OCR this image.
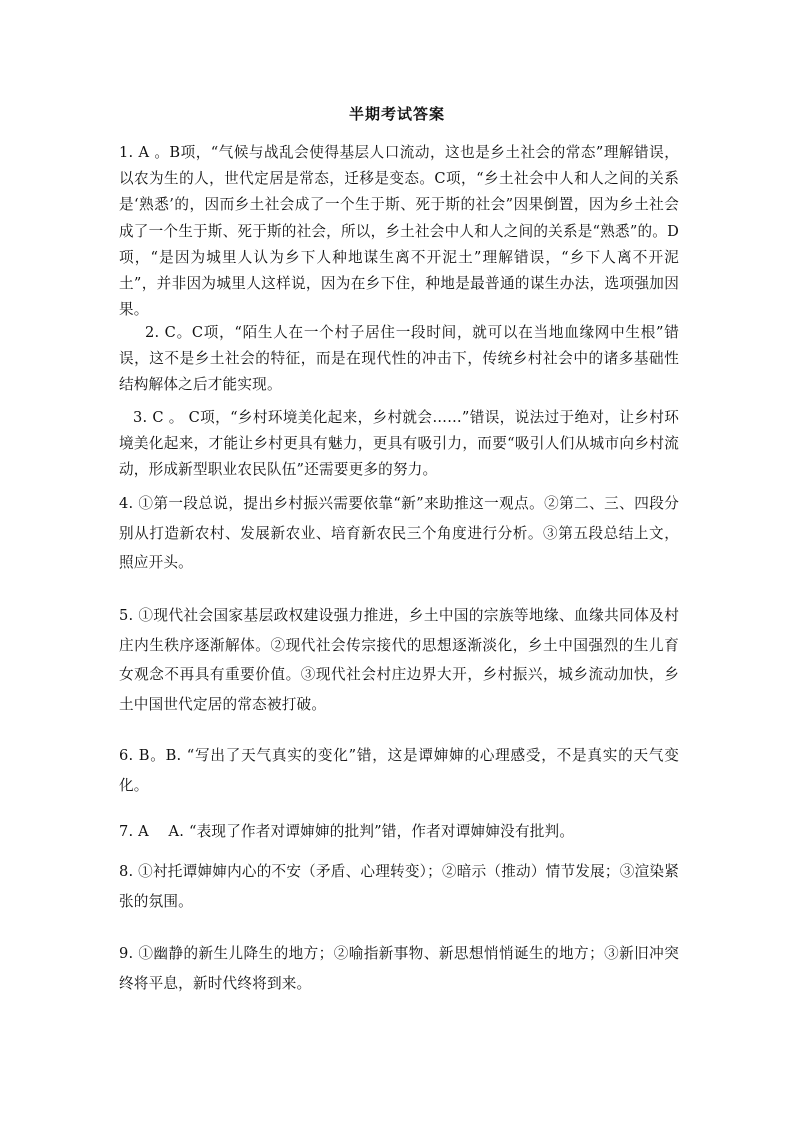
半期考试答案

1. A 。B项，“气候与战乱会使得基层人口流动，这也是乡土社会的常态”理解错误，以农为生的人，世代定居是常态，迁移是变态。C项，“乡土社会中人和人之间的关系是‘熟悉’的，因而乡土社会成了一个生于斯、死于斯的社会”因果倒置，因为乡土社会成了一个生于斯、死于斯的社会，所以，乡土社会中人和人之间的关系是“熟悉”的。D项，“是因为城里人认为乡下人种地谋生离不开泥土”理解错误，“乡下人离不开泥土”，并非因为城里人这样说，因为在乡下住，种地是最普通的谋生办法，选项强加因果。

2. C。C项，“陌生人在一个村子居住一段时间，就可以在当地血缘网中生根”错误，这不是乡土社会的特征，而是在现代性的冲击下，传统乡村社会中的诸多基础性结构解体之后才能实现。

3. C 。 C项，“乡村环境美化起来，乡村就会……”错误，说法过于绝对，让乡村环境美化起来，才能让乡村更具有魅力，更具有吸引力，而要“吸引人们从城市向乡村流动，形成新型职业农民队伍”还需要更多的努力。

4. ①第一段总说，提出乡村振兴需要依靠“新”来助推这一观点。②第二、三、四段分别从打造新农村、发展新农业、培育新农民三个角度进行分析。③第五段总结上文，照应开头。

5. ①现代社会国家基层政权建设强力推进，乡土中国的宗族等地缘、血缘共同体及村庄内生秩序逐渐解体。②现代社会传宗接代的思想逐渐淡化，乡土中国强烈的生儿育女观念不再具有重要价值。③现代社会村庄边界大开，乡村振兴，城乡流动加快，乡土中国世代定居的常态被打破。

6. B。B. “写出了天气真实的变化”错，这是谭婶婶的心理感受，不是真实的天气变化。

7. A　 A. “表现了作者对谭婶婶的批判”错，作者对谭婶婶没有批判。

8. ①衬托谭婶婶内心的不安（矛盾、心理转变）；②暗示（推动）情节发展；③渲染紧张的氛围。

9. ①幽静的新生儿降生的地方；②喻指新事物、新思想悄悄诞生的地方；③新旧冲突终将平息，新时代终将到来。
